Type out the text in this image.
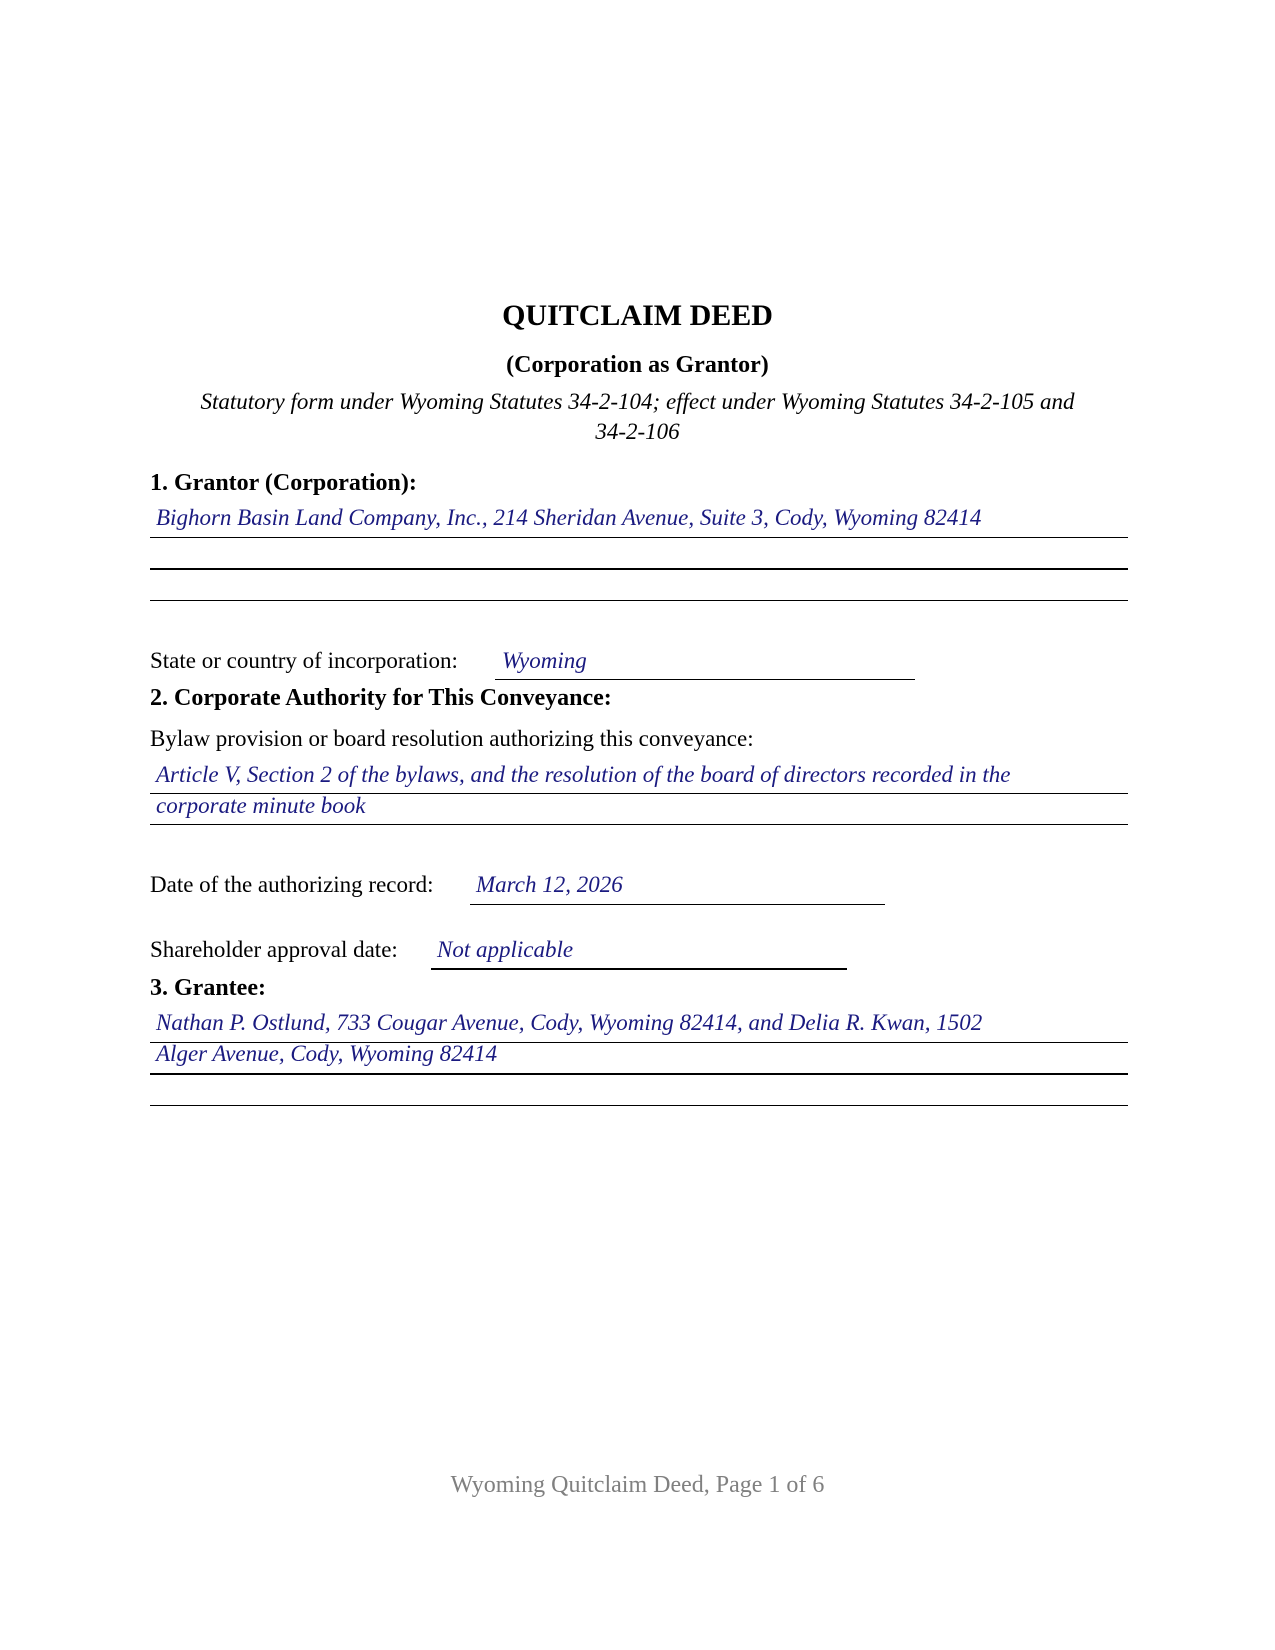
QUITCLAIM DEED
(Corporation as Grantor)
Statutory form under Wyoming Statutes 34-2-104; effect under Wyoming Statutes 34-2-105 and
34-2-106
1. Grantor (Corporation):
Bighorn Basin Land Company, Inc., 214 Sheridan Avenue, Suite 3, Cody, Wyoming 82414
State or country of incorporation: Wyoming
2. Corporate Authority for This Conveyance:
Bylaw provision or board resolution authorizing this conveyance:
Article V, Section 2 of the bylaws, and the resolution of the board of directors recorded in the
corporate minute book
Date of the authorizing record: March 12, 2026
Shareholder approval date: Not applicable
3. Grantee:
Nathan P. Ostlund, 733 Cougar Avenue, Cody, Wyoming 82414, and Delia R. Kwan, 1502
Alger Avenue, Cody, Wyoming 82414
Wyoming Quitclaim Deed, Page 1 of 6
